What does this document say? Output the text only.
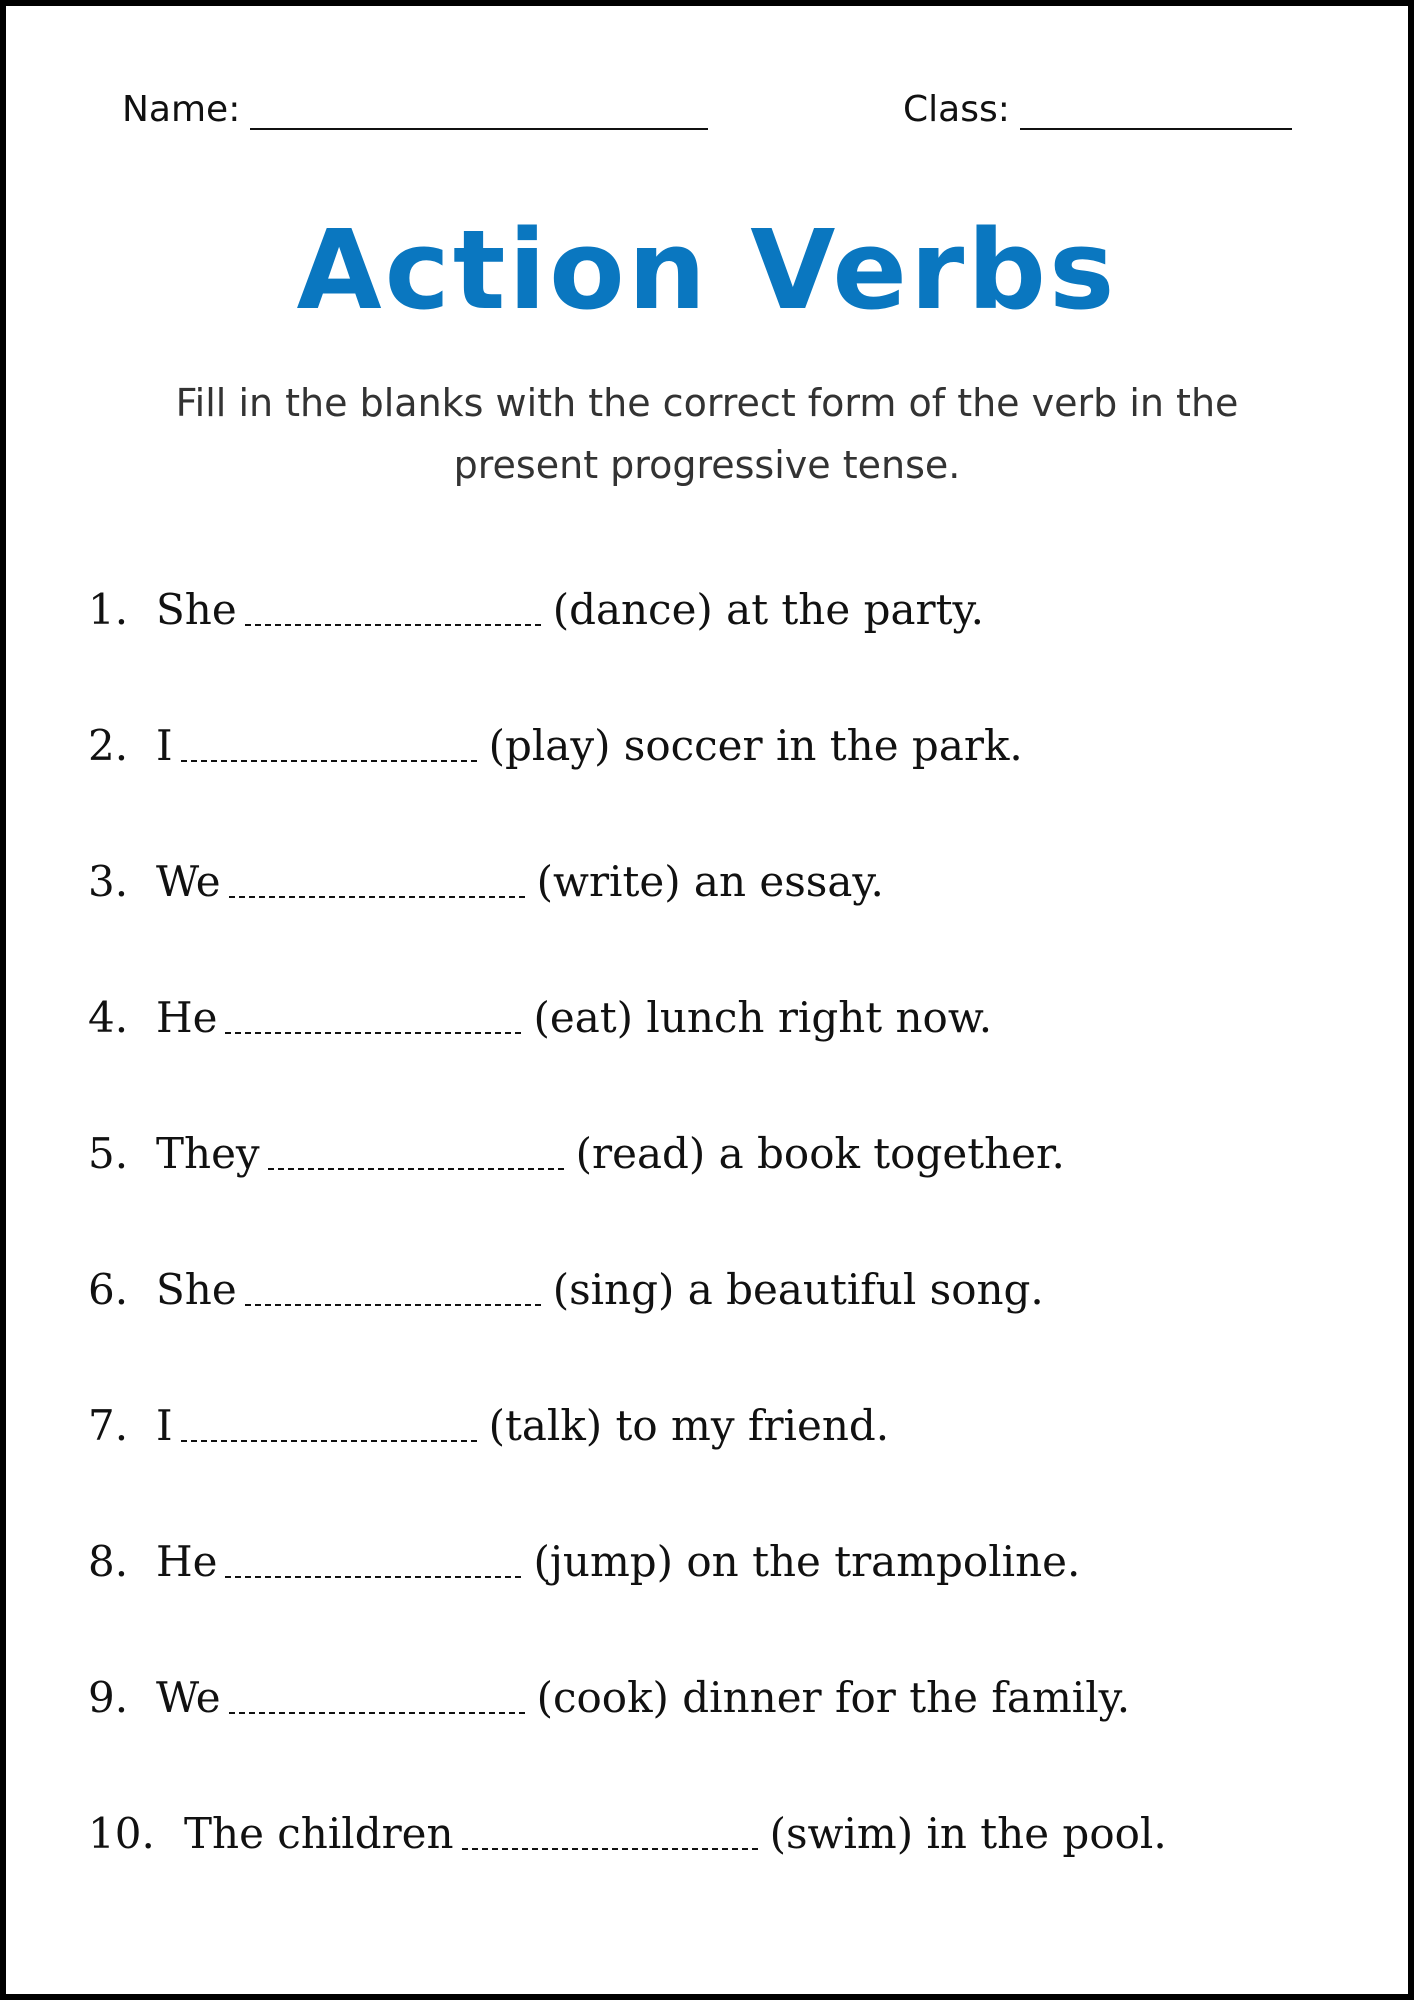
Name:	Class:
Action Verbs
Fill in the blanks with the correct form of the verb in the present progressive tense.
1. She	(dance) at the party.
2. I	(play) soccer in the park.
3. We	(write) an essay.
4. He	(eat) lunch right now.
5. They	(read) a book together.
6. She	(sing) a beautiful song.
7. I	(talk) to my friend.
8. He	(jump) on the trampoline.
9. We	(cook) dinner for the family.
10. The children	(swim) in the pool.
